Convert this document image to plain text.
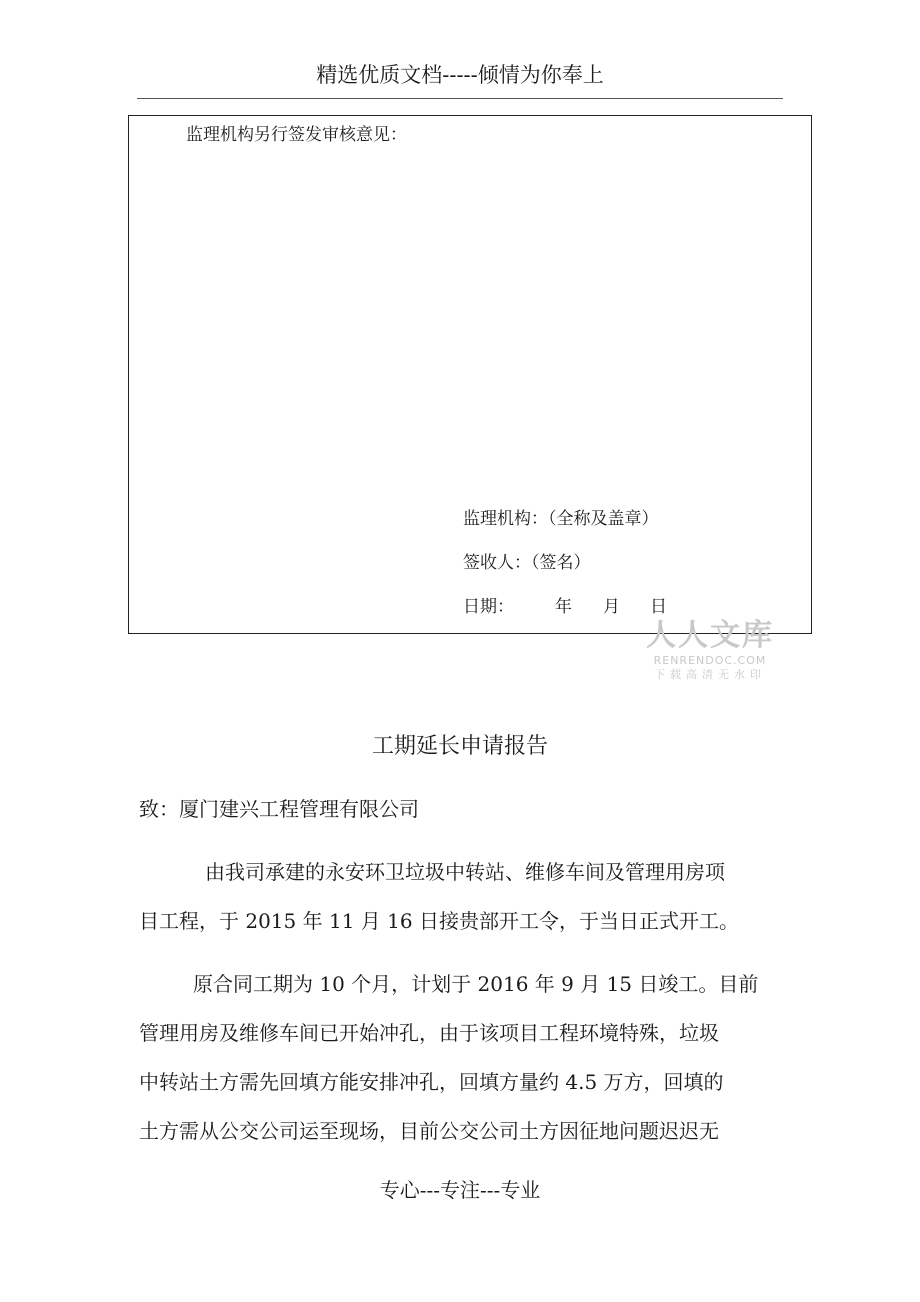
精选优质文档-----倾情为你奉上
监理机构另行签发审核意见：
监理机构：（全称及盖章）
签收人：（签名）

日期：

年

月

日

人人文库
RENRENDOC.COM
下载高清无水印
工期延长申请报告
致：厦门建兴工程管理有限公司
由我司承建的永安环卫垃圾中转站、维修车间及管理用房项
目工程，于 2015 年 11 月 16 日接贵部开工令，于当日正式开工。
原合同工期为 10 个月，计划于 2016 年 9 月 15 日竣工。目前
管理用房及维修车间已开始冲孔，由于该项目工程环境特殊，垃圾
中转站土方需先回填方能安排冲孔，回填方量约 4.5 万方，回填的
土方需从公交公司运至现场，目前公交公司土方因征地问题迟迟无
专心---专注---专业
